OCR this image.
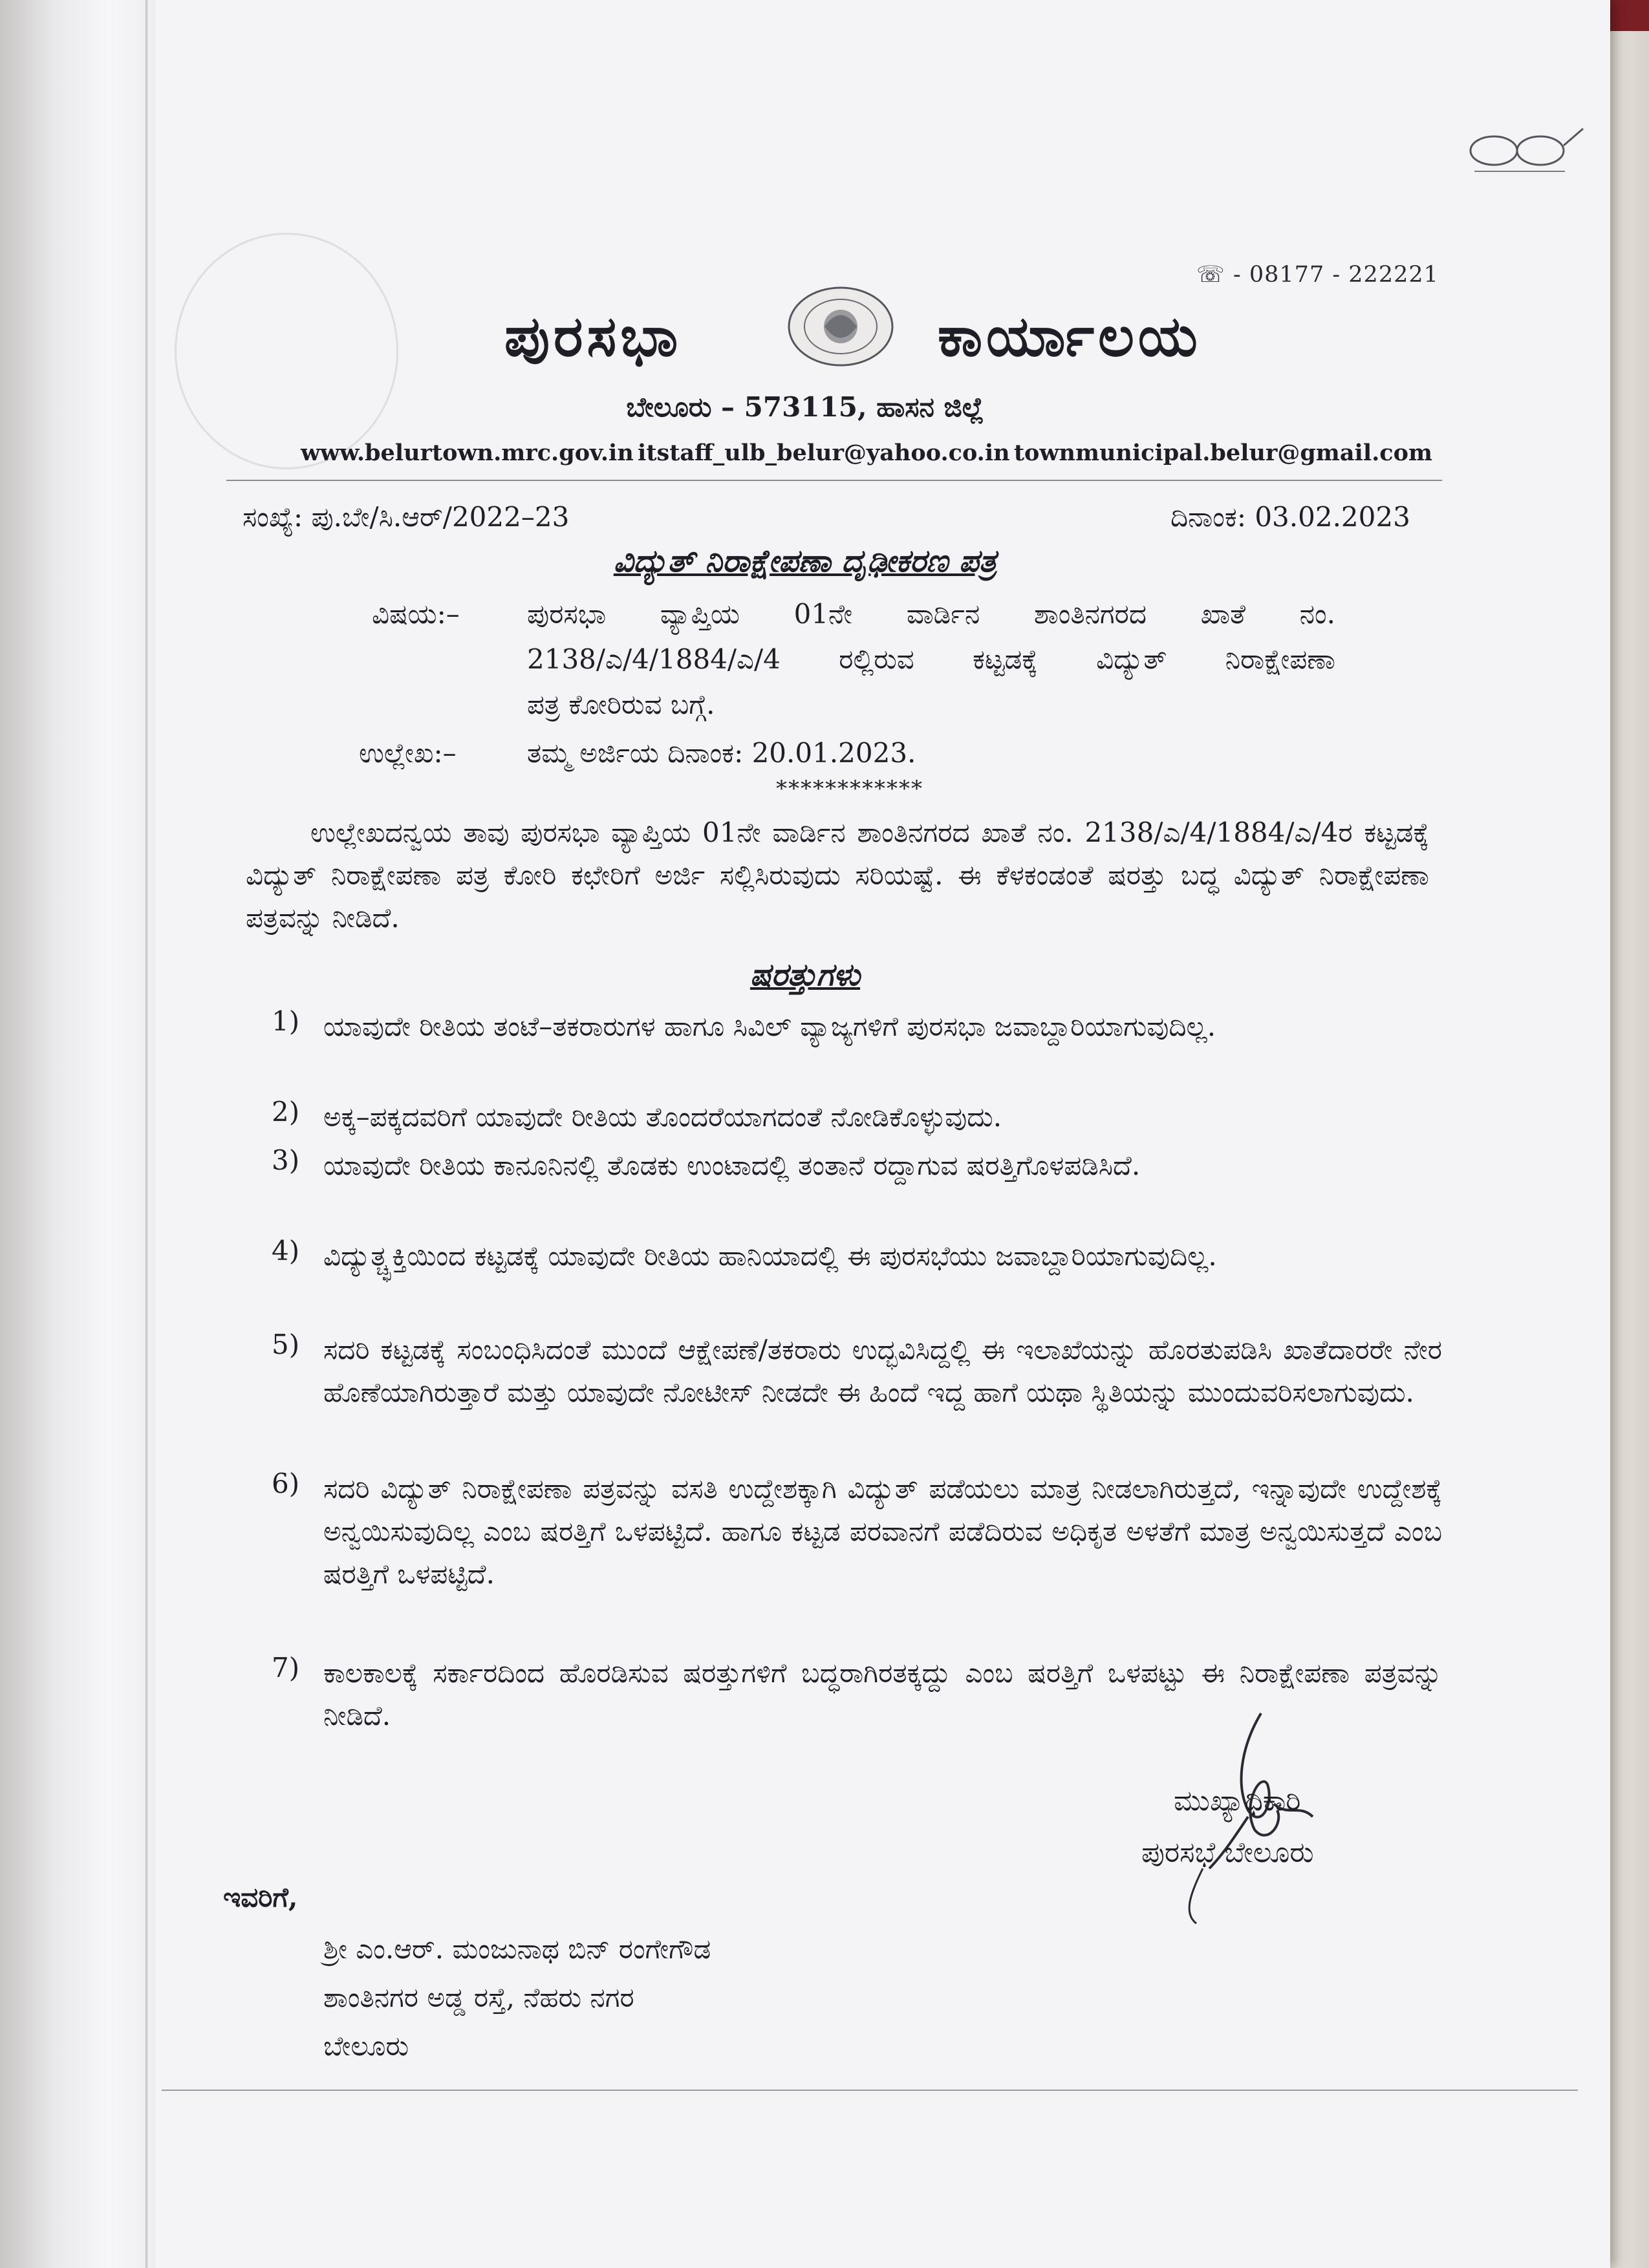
☏ - 08177 - 222221
ಪುರಸಭಾ	ಕಾರ್ಯಾಲಯ
ಬೇಲೂರು – 573115, ಹಾಸನ ಜಿಲ್ಲೆ
www.belurtown.mrc.gov.in itstaff_ulb_belur@yahoo.co.in townmunicipal.belur@gmail.com
ಸಂಖ್ಯೆ: ಪು.ಬೇ/ಸಿ.ಆರ್/2022–23	ದಿನಾಂಕ: 03.02.2023
ವಿದ್ಯುತ್ ನಿರಾಕ್ಷೇಪಣಾ ದೃಢೀಕರಣ ಪತ್ರ
ವಿಷಯ:– ಪುರಸಭಾ ವ್ಯಾಪ್ತಿಯ 01ನೇ ವಾರ್ಡಿನ ಶಾಂತಿನಗರದ ಖಾತೆ ನಂ.
2138/ಎ/4/1884/ಎ/4 ರಲ್ಲಿರುವ ಕಟ್ಟಡಕ್ಕೆ ವಿದ್ಯುತ್ ನಿರಾಕ್ಷೇಪಣಾ
ಪತ್ರ ಕೋರಿರುವ ಬಗ್ಗೆ.
ಉಲ್ಲೇಖ:–	ತಮ್ಮ ಅರ್ಜಿಯ ದಿನಾಂಕ: 20.01.2023.
************
ಉಲ್ಲೇಖದನ್ವಯ ತಾವು ಪುರಸಭಾ ವ್ಯಾಪ್ತಿಯ 01ನೇ ವಾರ್ಡಿನ ಶಾಂತಿನಗರದ ಖಾತೆ ನಂ. 2138/ಎ/4/1884/ಎ/4ರ ಕಟ್ಟಡಕ್ಕೆ ವಿದ್ಯುತ್ ನಿರಾಕ್ಷೇಪಣಾ ಪತ್ರ ಕೋರಿ ಕಛೇರಿಗೆ ಅರ್ಜಿ ಸಲ್ಲಿಸಿರುವುದು ಸರಿಯಷ್ಟೆ. ಈ ಕೆಳಕಂಡಂತೆ ಷರತ್ತು ಬದ್ಧ ವಿದ್ಯುತ್ ನಿರಾಕ್ಷೇಪಣಾ ಪತ್ರವನ್ನು ನೀಡಿದೆ.
ಷರತ್ತುಗಳು
1) ಯಾವುದೇ ರೀತಿಯ ತಂಟೆ–ತಕರಾರುಗಳ ಹಾಗೂ ಸಿವಿಲ್ ವ್ಯಾಜ್ಯಗಳಿಗೆ ಪುರಸಭಾ ಜವಾಬ್ದಾರಿಯಾಗುವುದಿಲ್ಲ.
2) ಅಕ್ಕ–ಪಕ್ಕದವರಿಗೆ ಯಾವುದೇ ರೀತಿಯ ತೊಂದರೆಯಾಗದಂತೆ ನೋಡಿಕೊಳ್ಳುವುದು.
3) ಯಾವುದೇ ರೀತಿಯ ಕಾನೂನಿನಲ್ಲಿ ತೊಡಕು ಉಂಟಾದಲ್ಲಿ ತಂತಾನೆ ರದ್ದಾಗುವ ಷರತ್ತಿಗೊಳಪಡಿಸಿದೆ.
4) ವಿದ್ಯುತ್ಚ್ಛಕ್ತಿಯಿಂದ ಕಟ್ಟಡಕ್ಕೆ ಯಾವುದೇ ರೀತಿಯ ಹಾನಿಯಾದಲ್ಲಿ ಈ ಪುರಸಭೆಯು ಜವಾಬ್ದಾರಿಯಾಗುವುದಿಲ್ಲ.
5) ಸದರಿ ಕಟ್ಟಡಕ್ಕೆ ಸಂಬಂಧಿಸಿದಂತೆ ಮುಂದೆ ಆಕ್ಷೇಪಣೆ/ತಕರಾರು ಉದ್ಭವಿಸಿದ್ದಲ್ಲಿ ಈ ಇಲಾಖೆಯನ್ನು ಹೊರತುಪಡಿಸಿ ಖಾತೆದಾರರೇ ನೇರ ಹೊಣೆಯಾಗಿರುತ್ತಾರೆ ಮತ್ತು ಯಾವುದೇ ನೋಟೀಸ್ ನೀಡದೇ ಈ ಹಿಂದೆ ಇದ್ದ ಹಾಗೆ ಯಥಾ ಸ್ಥಿತಿಯನ್ನು ಮುಂದುವರಿಸಲಾಗುವುದು.
6) ಸದರಿ ವಿದ್ಯುತ್ ನಿರಾಕ್ಷೇಪಣಾ ಪತ್ರವನ್ನು ವಸತಿ ಉದ್ದೇಶಕ್ಕಾಗಿ ವಿದ್ಯುತ್ ಪಡೆಯಲು ಮಾತ್ರ ನೀಡಲಾಗಿರುತ್ತದೆ, ಇನ್ನಾವುದೇ ಉದ್ದೇಶಕ್ಕೆ ಅನ್ವಯಿಸುವುದಿಲ್ಲ ಎಂಬ ಷರತ್ತಿಗೆ ಒಳಪಟ್ಟಿದೆ. ಹಾಗೂ ಕಟ್ಟಡ ಪರವಾನಗೆ ಪಡೆದಿರುವ ಅಧಿಕೃತ ಅಳತೆಗೆ ಮಾತ್ರ ಅನ್ವಯಿಸುತ್ತದೆ ಎಂಬ ಷರತ್ತಿಗೆ ಒಳಪಟ್ಟಿದೆ.
7) ಕಾಲಕಾಲಕ್ಕೆ ಸರ್ಕಾರದಿಂದ ಹೊರಡಿಸುವ ಷರತ್ತುಗಳಿಗೆ ಬದ್ಧರಾಗಿರತಕ್ಕದ್ದು ಎಂಬ ಷರತ್ತಿಗೆ ಒಳಪಟ್ಟು ಈ ನಿರಾಕ್ಷೇಪಣಾ ಪತ್ರವನ್ನು ನೀಡಿದೆ.
ಮುಖ್ಯಾಧಿಕಾರಿ
ಪುರಸಭೆ ಬೇಲೂರು
ಇವರಿಗೆ,
ಶ್ರೀ ಎಂ.ಆರ್. ಮಂಜುನಾಥ ಬಿನ್ ರಂಗೇಗೌಡ
ಶಾಂತಿನಗರ ಅಡ್ಡ ರಸ್ತೆ, ನೆಹರು ನಗರ
ಬೇಲೂರು
